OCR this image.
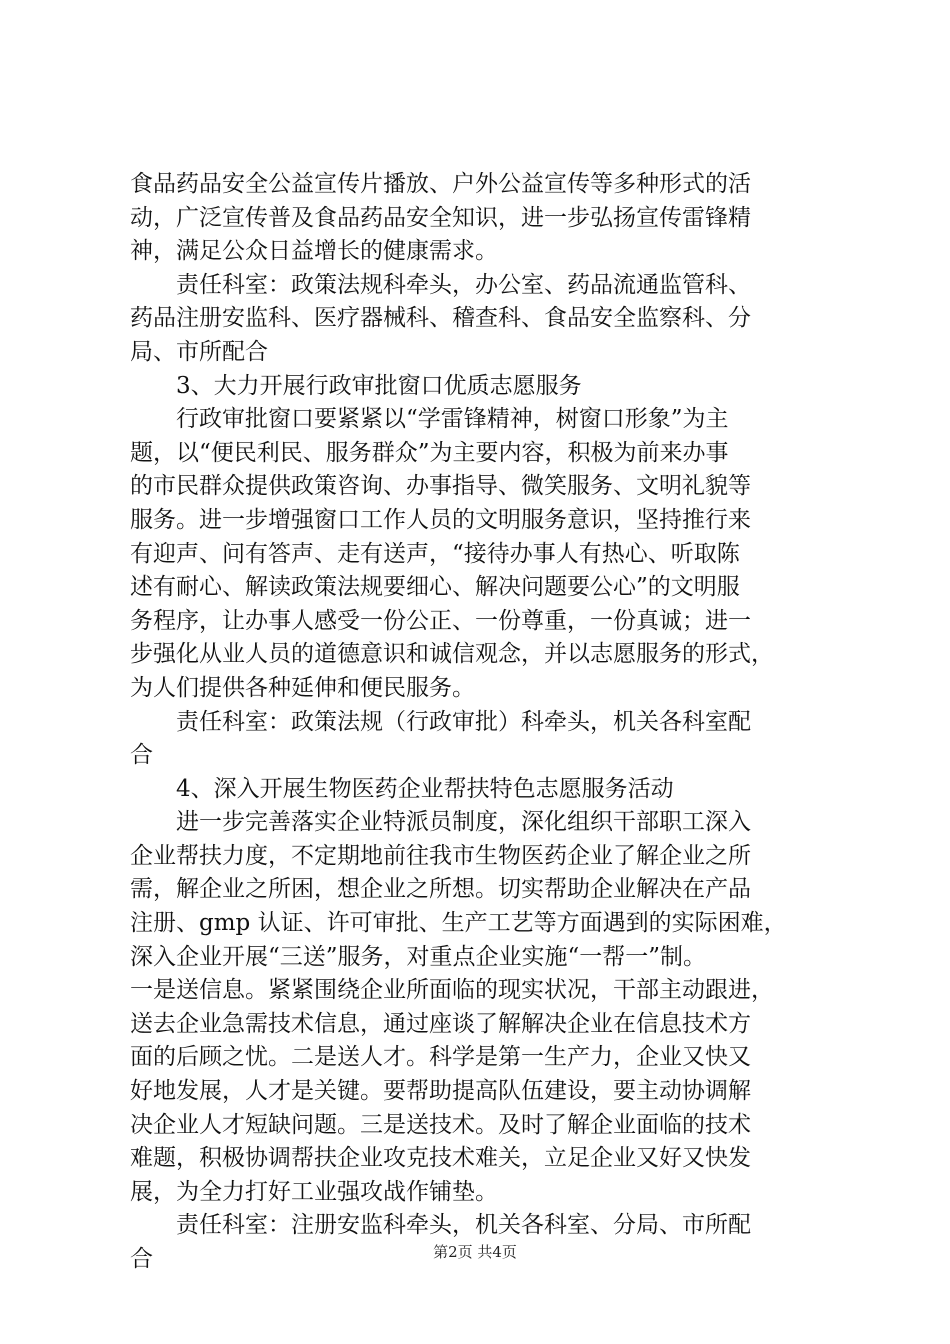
食品药品安全公益宣传片播放、户外公益宣传等多种形式的活
动，广泛宣传普及食品药品安全知识，进一步弘扬宣传雷锋精
神，满足公众日益增长的健康需求。
责任科室：政策法规科牵头，办公室、药品流通监管科、
药品注册安监科、医疗器械科、稽查科、食品安全监察科、分
局、市所配合
3、大力开展行政审批窗口优质志愿服务
行政审批窗口要紧紧以“学雷锋精神，树窗口形象”为主
题，以“便民利民、服务群众”为主要内容，积极为前来办事
的市民群众提供政策咨询、办事指导、微笑服务、文明礼貌等
服务。进一步增强窗口工作人员的文明服务意识，坚持推行来
有迎声、问有答声、走有送声，“接待办事人有热心、听取陈
述有耐心、解读政策法规要细心、解决问题要公心”的文明服
务程序，让办事人感受一份公正、一份尊重，一份真诚；进一
步强化从业人员的道德意识和诚信观念，并以志愿服务的形式，
为人们提供各种延伸和便民服务。
责任科室：政策法规（行政审批）科牵头，机关各科室配
合
4、深入开展生物医药企业帮扶特色志愿服务活动
进一步完善落实企业特派员制度，深化组织干部职工深入
企业帮扶力度，不定期地前往我市生物医药企业了解企业之所
需，解企业之所困，想企业之所想。切实帮助企业解决在产品
注册、gmp 认证、许可审批、生产工艺等方面遇到的实际困难，
深入企业开展“三送”服务，对重点企业实施“一帮一”制。
一是送信息。紧紧围绕企业所面临的现实状况，干部主动跟进，
送去企业急需技术信息，通过座谈了解解决企业在信息技术方
面的后顾之忧。二是送人才。科学是第一生产力，企业又快又
好地发展，人才是关键。要帮助提高队伍建设，要主动协调解
决企业人才短缺问题。三是送技术。及时了解企业面临的技术
难题，积极协调帮扶企业攻克技术难关，立足企业又好又快发
展，为全力打好工业强攻战作铺垫。
责任科室：注册安监科牵头，机关各科室、分局、市所配
合	第2页 共4页
